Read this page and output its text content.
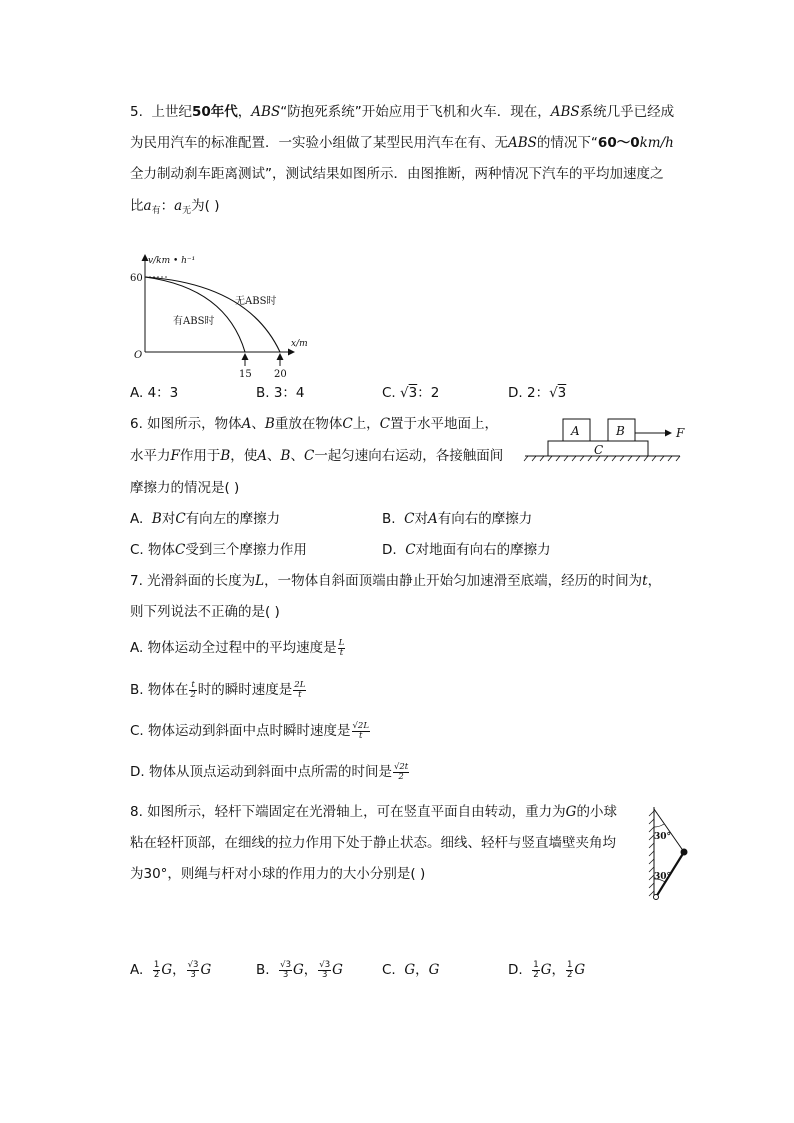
5. 上世纪50年代，ABS“防抱死系统”开始应用于飞机和火车．现在，ABS系统几乎已经成
为民用汽车的标准配置．一实验小组做了某型民用汽车在有、无ABS的情况下“60～0km/h
全力制动刹车距离测试”，测试结果如图所示．由图推断，两种情况下汽车的平均加速度之
比$a_有$：$a_无$为( )
v/km • h⁻¹
60
O
x/m
无ABS时
有ABS时
15 20
A. 4：3	B. 3：4	C. √3：2	D. 2：√3
6. 如图所示，物体A、B重放在物体C上，C置于水平地面上，
水平力F作用于B，使A、B、C一起匀速向右运动，各接触面间
摩擦力的情况是( )
A	B
C
F
A. B对C有向左的摩擦力	B. C对A有向右的摩擦力
C. 物体C受到三个摩擦力作用	D. C对地面有向右的摩擦力
7. 光滑斜面的长度为L，一物体自斜面顶端由静止开始匀加速滑至底端，经历的时间为t，
则下列说法不正确的是( )
A. 物体运动全过程中的平均速度是 $\frac{L}{t}$
B. 物体在 $\frac{t}{2}$ 时的瞬时速度是 $\frac{2L}{t}$
C. 物体运动到斜面中点时瞬时速度是 $\frac{√2L}{t}$
D. 物体从顶点运动到斜面中点所需的时间是 $\frac{√2t}{2}$
8. 如图所示，轻杆下端固定在光滑轴上，可在竖直平面自由转动，重力为G的小球
粘在轻杆顶部，在细线的拉力作用下处于静止状态。细线、轻杆与竖直墙壁夹角均
为30°，则绳与杆对小球的作用力的大小分别是( )
30°
30°
A. $\frac{1}{2}$ G， $\frac{√3}{3}$ G	B. $\frac{√3}{3}$ G， $\frac{√3}{3}$ G	C. G，G	D. $\frac{1}{2}$ G， $\frac{1}{2}$ G
